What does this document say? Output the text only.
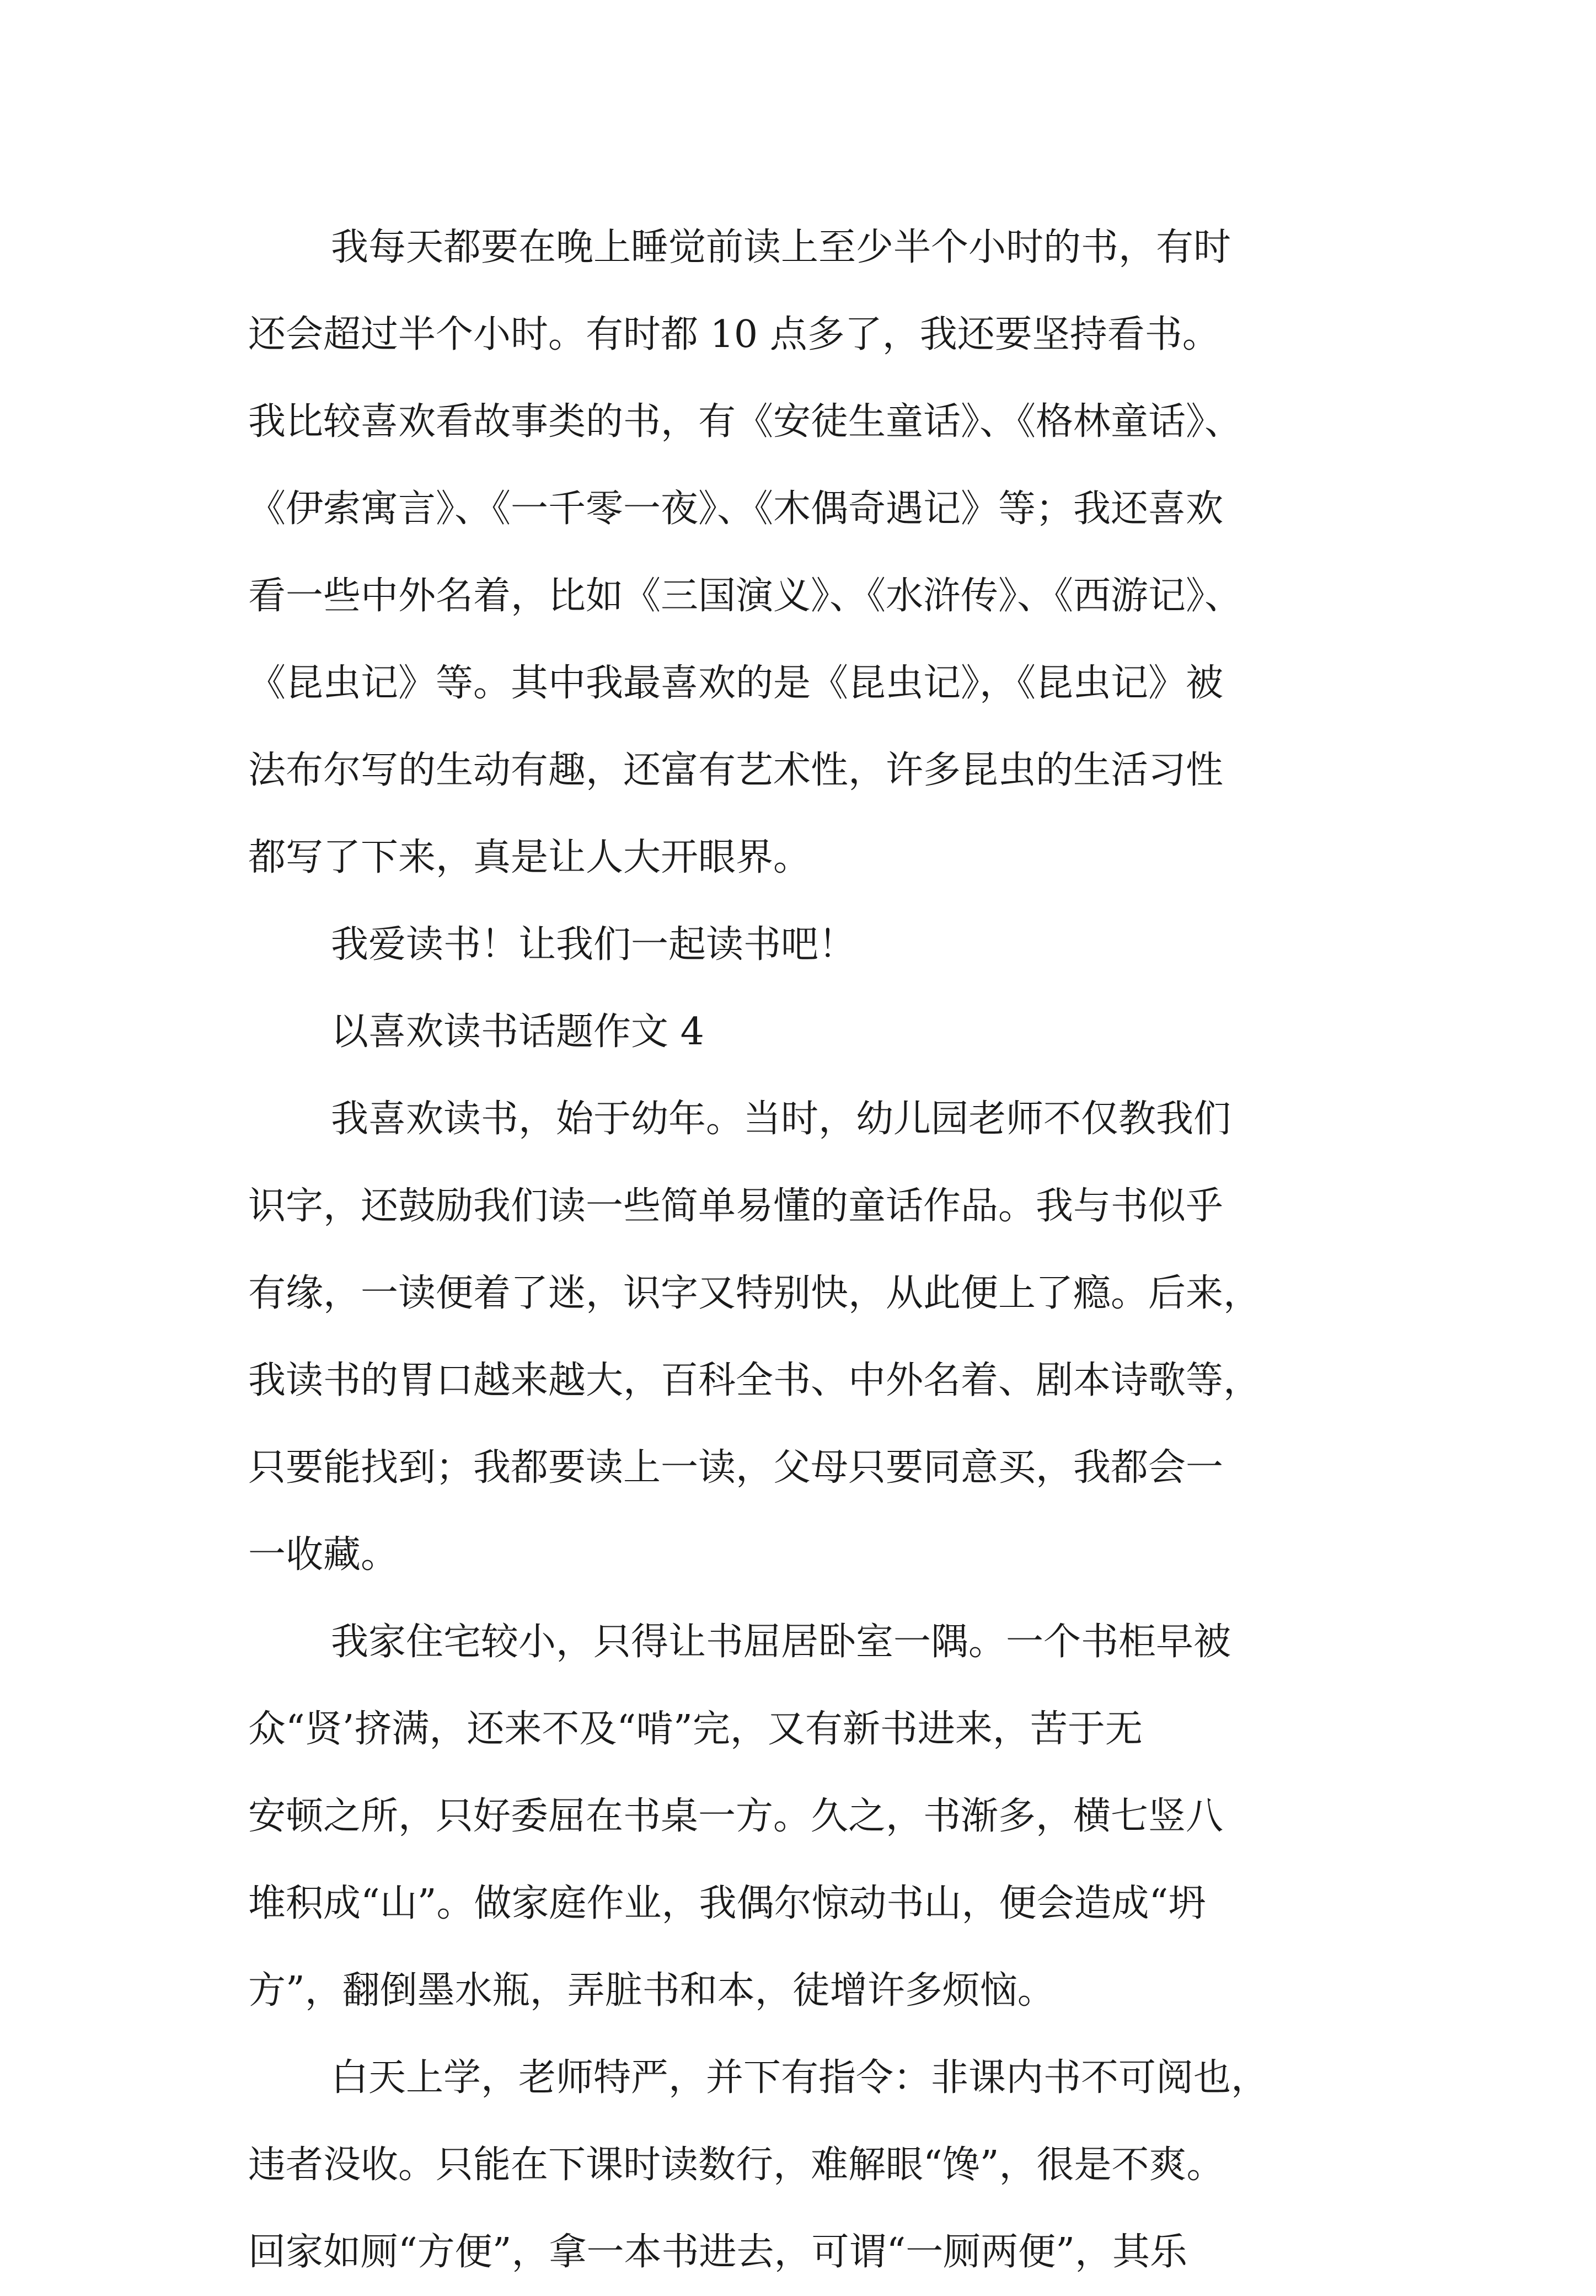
我每天都要在晚上睡觉前读上至少半个小时的书，有时
还会超过半个小时。有时都 10 点多了，我还要坚持看书。
我比较喜欢看故事类的书，有《安徒生童话》、《格林童话》、
《伊索寓言》、《一千零一夜》、《木偶奇遇记》等；我还喜欢
看一些中外名着，比如《三国演义》、《水浒传》、《西游记》、
《昆虫记》等。其中我最喜欢的是《昆虫记》，《昆虫记》被
法布尔写的生动有趣，还富有艺术性，许多昆虫的生活习性
都写了下来，真是让人大开眼界。
我爱读书！让我们一起读书吧！
以喜欢读书话题作文 4
我喜欢读书，始于幼年。当时，幼儿园老师不仅教我们
识字，还鼓励我们读一些简单易懂的童话作品。我与书似乎
有缘，一读便着了迷，识字又特别快，从此便上了瘾。后来，
我读书的胃口越来越大，百科全书、中外名着、剧本诗歌等，
只要能找到；我都要读上一读，父母只要同意买，我都会一
一收藏。
我家住宅较小，只得让书屈居卧室一隅。一个书柜早被
众“贤’挤满，还来不及“啃”完，又有新书进来，苦于无
安顿之所，只好委屈在书桌一方。久之，书渐多，横七竖八
堆积成“山”。做家庭作业，我偶尔惊动书山，便会造成“坍
方”，翻倒墨水瓶，弄脏书和本，徒增许多烦恼。
白天上学，老师特严，并下有指令：非课内书不可阅也，
违者没收。只能在下课时读数行，难解眼“馋”，很是不爽。
回家如厕“方便”，拿一本书进去，可谓“一厕两便”，其乐
